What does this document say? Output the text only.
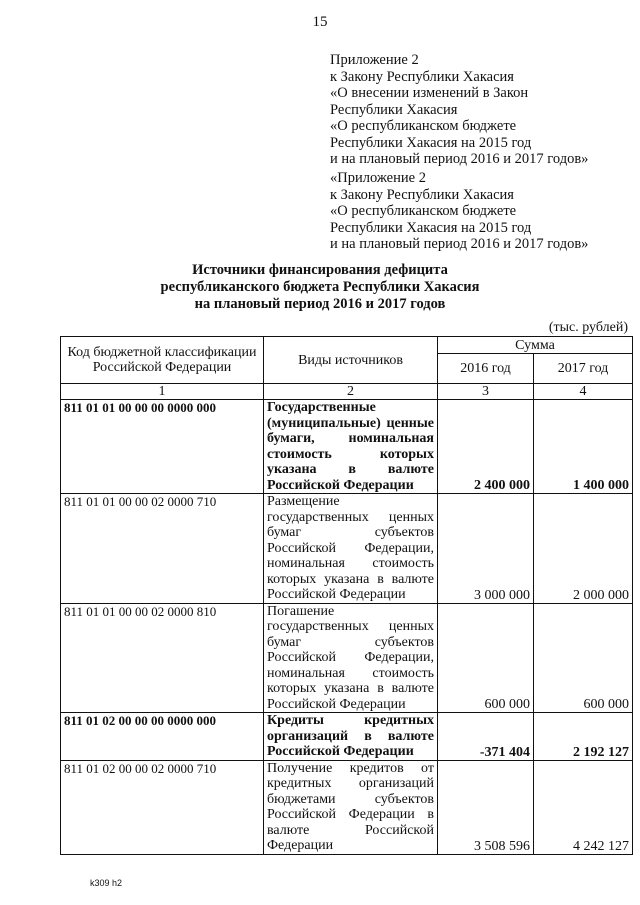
15
Приложение 2
к Закону Республики Хакасия
«О внесении изменений в Закон
Республики Хакасия
«О республиканском бюджете
Республики Хакасия на 2015 год
и на плановый период 2016 и 2017 годов»
«Приложение 2
к Закону Республики Хакасия
«О республиканском бюджете
Республики Хакасия на 2015 год
и на плановый период 2016 и 2017 годов»
Источники финансирования дефицита
республиканского бюджета Республики Хакасия
на плановый период 2016 и 2017 годов
(тыс. рублей)
Код бюджетной классификации Российской Федерации	Виды источников	Сумма	
		2016 год	2017 год
1	2	3	4
811 01 01 00 00 00 0000 000	Государственные (муниципальные) ценные бумаги, номинальная стоимость которых указана в валюте Российской Федерации	2 400 000	1 400 000
811 01 01 00 00 02 0000 710	Размещение государственных ценных бумаг субъектов Российской Федерации, номинальная стоимость которых указана в валюте Российской Федерации	3 000 000	2 000 000
811 01 01 00 00 02 0000 810	Погашение государственных ценных бумаг субъектов Российской Федерации, номинальная стоимость которых указана в валюте Российской Федерации	600 000	600 000
811 01 02 00 00 00 0000 000	Кредиты кредитных организаций в валюте Российской Федерации	-371 404	2 192 127
811 01 02 00 00 02 0000 710	Получение кредитов от кредитных организаций бюджетами субъектов Российской Федерации в валюте Российской Федерации	3 508 596	4 242 127
k309 h2
